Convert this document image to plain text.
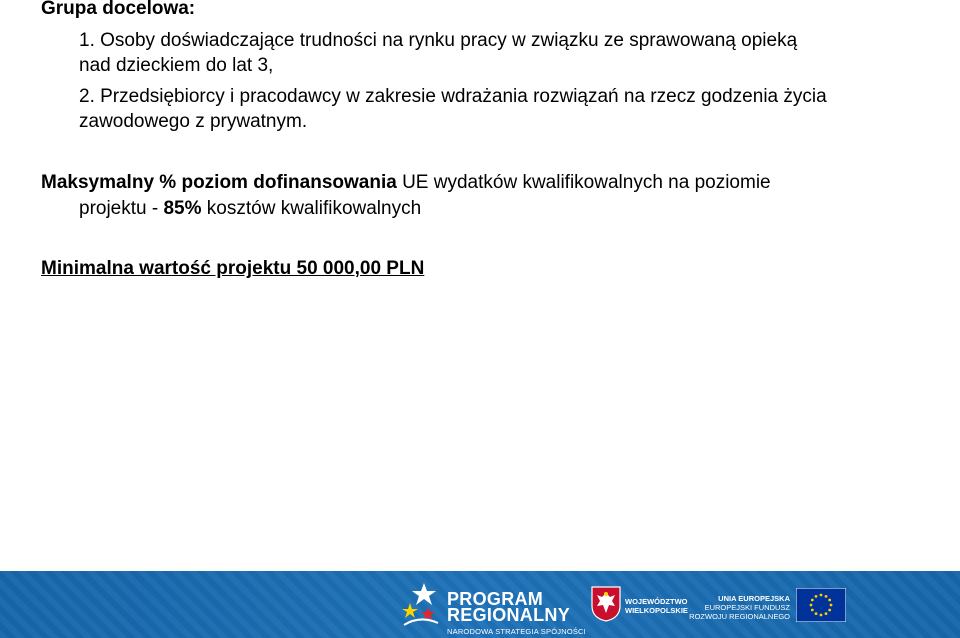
Grupa docelowa:
1. Osoby doświadczające trudności na rynku pracy w związku ze sprawowaną opieką
nad dzieckiem do lat 3,
2. Przedsiębiorcy i pracodawcy w zakresie wdrażania rozwiązań na rzecz godzenia życia
zawodowego z prywatnym.
Maksymalny % poziom dofinansowania UE wydatków kwalifikowalnych na poziomie
projektu - 85% kosztów kwalifikowalnych
Minimalna wartość projektu 50 000,00 PLN
PROGRAM
REGIONALNY
NARODOWA STRATEGIA SPÓJNOŚCI
WOJEWÓDZTWO
WIELKOPOLSKIE
UNIA EUROPEJSKA
EUROPEJSKI FUNDUSZ
ROZWOJU REGIONALNEGO
